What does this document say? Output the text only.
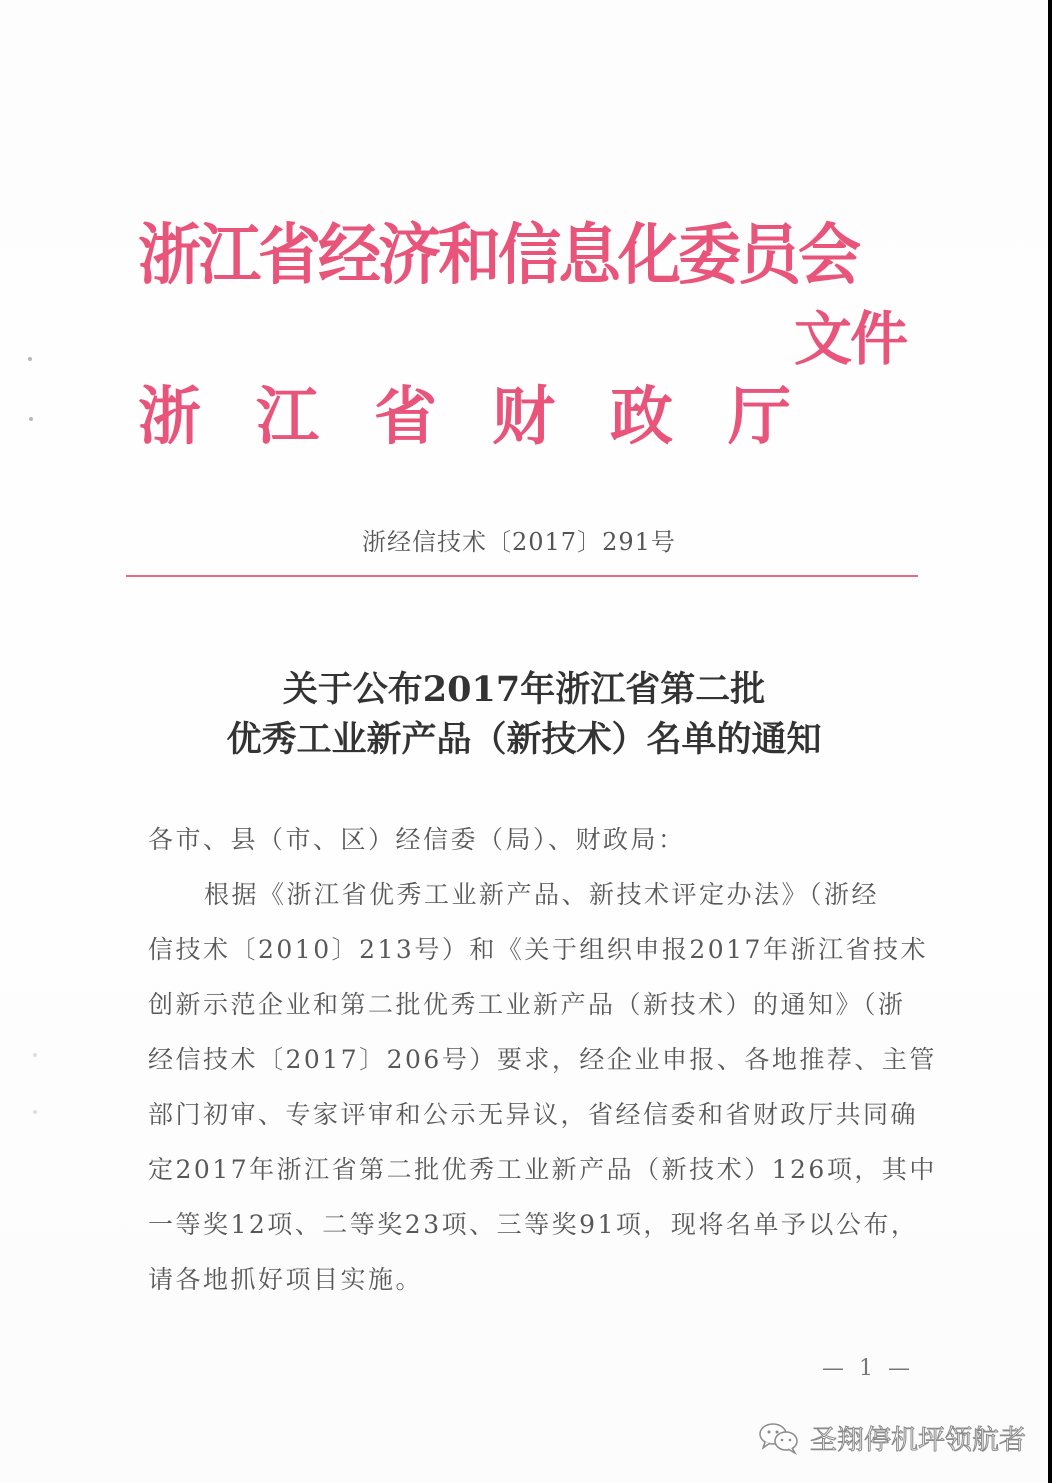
浙江省经济和信息化委员会
文件
浙 江 省 财 政 厅
浙经信技术〔2017〕291号
关于公布2017年浙江省第二批
优秀工业新产品（新技术）名单的通知
各市、县（市、区）经信委（局）、财政局：
根据《浙江省优秀工业新产品、新技术评定办法》（浙经
信技术〔2010〕213号）和《关于组织申报2017年浙江省技术
创新示范企业和第二批优秀工业新产品（新技术）的通知》（浙
经信技术〔2017〕206号）要求，经企业申报、各地推荐、主管
部门初审、专家评审和公示无异议，省经信委和省财政厅共同确
定2017年浙江省第二批优秀工业新产品（新技术）126项，其中
一等奖12项、二等奖23项、三等奖91项，现将名单予以公布，
请各地抓好项目实施。
— 1 —
圣翔停机坪领航者
